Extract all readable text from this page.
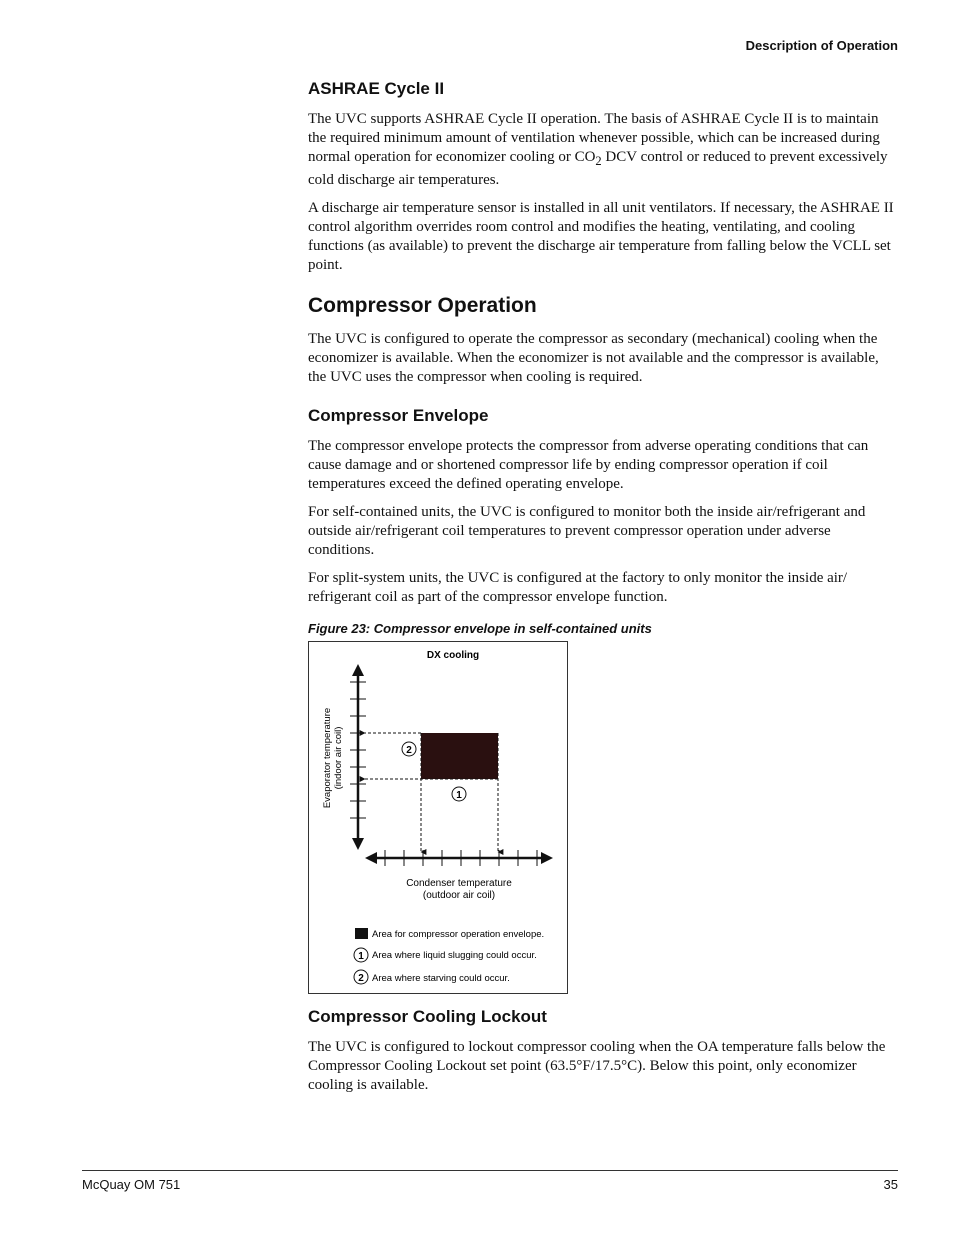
Description of Operation
ASHRAE Cycle II

The UVC supports ASHRAE Cycle II operation. The basis of ASHRAE Cycle II is to maintain the required minimum amount of ventilation whenever possible, which can be increased during normal operation for economizer cooling or $CO_2$ DCV control or reduced to prevent excessively cold discharge air temperatures.

A discharge air temperature sensor is installed in all unit ventilators. If necessary, the ASHRAE II control algorithm overrides room control and modifies the heating, ventilating, and cooling functions (as available) to prevent the discharge air temperature from falling below the VCLL set point.

Compressor Operation

The UVC is configured to operate the compressor as secondary (mechanical) cooling when the economizer is available. When the economizer is not available and the compressor is available, the UVC uses the compressor when cooling is required.

Compressor Envelope

The compressor envelope protects the compressor from adverse operating conditions that can cause damage and or shortened compressor life by ending compressor operation if coil temperatures exceed the defined operating envelope.

For self-contained units, the UVC is configured to monitor both the inside air/refrigerant and outside air/refrigerant coil temperatures to prevent compressor operation under adverse conditions.

For split-system units, the UVC is configured at the factory to only monitor the inside air/ refrigerant coil as part of the compressor envelope function.

Figure 23: Compressor envelope in self-contained units
DX cooling
2
1
Evaporator temperature (indoor air coil)
Condenser temperature
(outdoor air coil)
Area for compressor operation envelope.
1 Area where liquid slugging could occur.
2 Area where starving could occur.
Compressor Cooling Lockout

The UVC is configured to lockout compressor cooling when the OA temperature falls below the Compressor Cooling Lockout set point (63.5°F/17.5°C). Below this point, only economizer cooling is available.

McQuay OM 751	35
